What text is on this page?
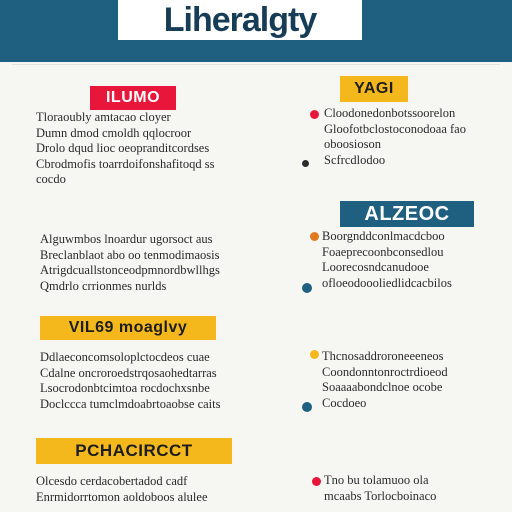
Liheralgty
ILUMO

Tloraoubly amtacao cloyer
Dumn dmod cmoldh qqlocroor
Drolo dqud lioc oeopranditcordses
Cbrodmofis toarrdoifonshafitoqd ss
cocdo

Alguwmbos lnoardur ugorsoct aus
Breclanblaot abo oo tenmodimaosis
Atrigdcuallstonceodpmnordbwllhgs
Qmdrlo crrionmes nurlds

VIL69 moaglvy

Ddlaeconcomsoloplctocdeos cuae
Cdalne oncroroedstrqosaohedtarras
Lsocrodonbtcimtoa rocdochxsnbe
Doclccca tumclmdoabrtoaobse caits

PCHACIRCCT

Olcesdo cerdacobertadod cadf
Enrmidorrtomon aoldoboos alulee

YAGI
Cloodonedonbotssoorelon
Gloofotbclostoconodoaa fao
oboosioson
Scfrcdlodoo
ALZEOC
Boorgnddconlmacdcboo
Foaeprecoonbconsedlou
Loorecosndcanudooe
ofloeodoooliedlidcacbilos
Thcnosaddroroneeeneos
Coondonntonroctrdioeod
Soaaaabondclnoe ocobe
Cocdoeo
Tno bu tolamuoo ola
mcaabs Torlocboinaco
